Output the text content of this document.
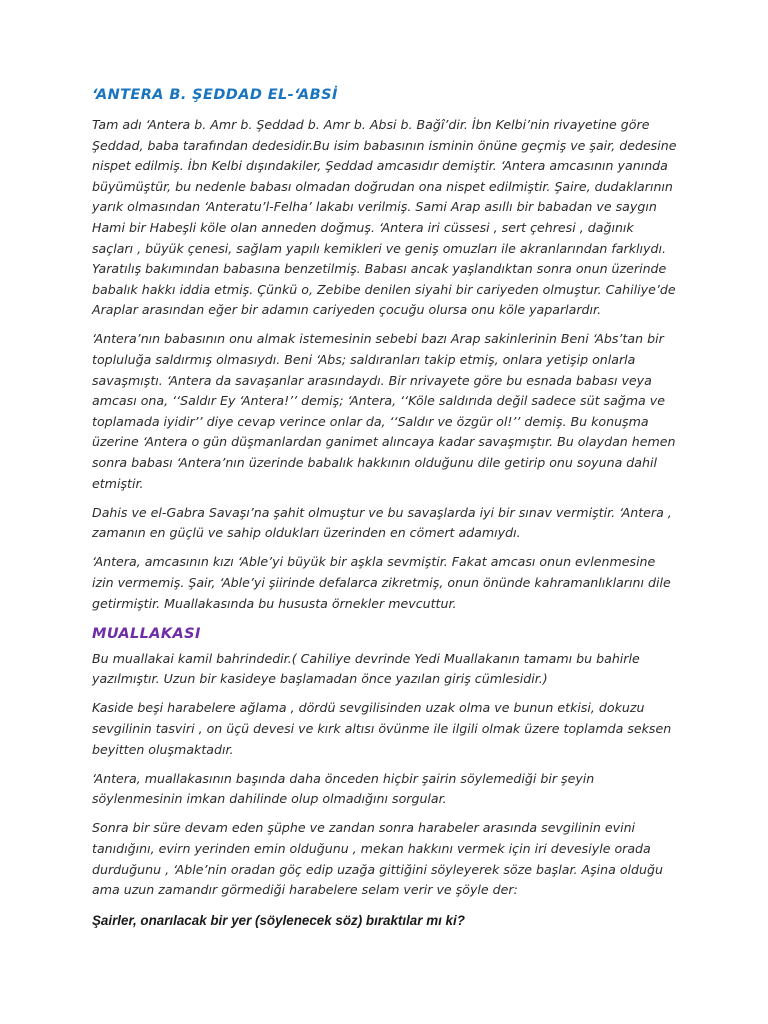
‘ANTERA B. ŞEDDAD EL-‘ABSİ

Tam adı ‘Antera b. Amr b. Şeddad b. Amr b. Absi b. Bağî’dir. İbn Kelbi’nin rivayetine göre Şeddad, baba tarafından dedesidir.Bu isim babasının isminin önüne geçmiş ve şair, dedesine nispet edilmiş. İbn Kelbi dışındakiler, Şeddad amcasıdır demiştir. ‘Antera amcasının yanında büyümüştür, bu nedenle babası olmadan doğrudan ona nispet edilmiştir. Şaire, dudaklarının yarık olmasından ‘Anteratu’l-Felha’ lakabı verilmiş. Sami Arap asıllı bir babadan ve saygın Hami bir Habeşli köle olan anneden doğmuş. ‘Antera iri cüssesi , sert çehresi , dağınık saçları , büyük çenesi, sağlam yapılı kemikleri ve geniş omuzları ile akranlarından farklıydı. Yaratılış bakımından babasına benzetilmiş. Babası ancak yaşlandıktan sonra onun üzerinde babalık hakkı iddia etmiş. Çünkü o, Zebibe denilen siyahi bir cariyeden olmuştur. Cahiliye’de Araplar arasından eğer bir adamın cariyeden çocuğu olursa onu köle yaparlardır.

‘Antera’nın babasının onu almak istemesinin sebebi bazı Arap sakinlerinin Beni ‘Abs’tan bir topluluğa saldırmış olmasıydı. Beni ‘Abs; saldıranları takip etmiş, onlara yetişip onlarla savaşmıştı. ‘Antera da savaşanlar arasındaydı. Bir nrivayete göre bu esnada babası veya amcası ona, ‘‘Saldır Ey ‘Antera!’’ demiş; ‘Antera, ‘‘Köle saldırıda değil sadece süt sağma ve toplamada iyidir’’ diye cevap verince onlar da, ‘‘Saldır ve özgür ol!’’ demiş. Bu konuşma üzerine ‘Antera o gün düşmanlardan ganimet alıncaya kadar savaşmıştır. Bu olaydan hemen sonra babası ‘Antera’nın üzerinde babalık hakkının olduğunu dile getirip onu soyuna dahil etmiştir.

Dahis ve el-Gabra Savaşı’na şahit olmuştur ve bu savaşlarda iyi bir sınav vermiştir. ‘Antera , zamanın en güçlü ve sahip oldukları üzerinden en cömert adamıydı.

‘Antera, amcasının kızı ‘Able’yi büyük bir aşkla sevmiştir. Fakat amcası onun evlenmesine izin vermemiş. Şair, ‘Able’yi şiirinde defalarca zikretmiş, onun önünde kahramanlıklarını dile getirmiştir. Muallakasında bu hususta örnekler mevcuttur.

MUALLAKASI

Bu muallakai kamil bahrindedir.( Cahiliye devrinde Yedi Muallakanın tamamı bu bahirle yazılmıştır. Uzun bir kasideye başlamadan önce yazılan giriş cümlesidir.)

Kaside beşi harabelere ağlama , dördü sevgilisinden uzak olma ve bunun etkisi, dokuzu sevgilinin tasviri , on üçü devesi ve kırk altısı övünme ile ilgili olmak üzere toplamda seksen beyitten oluşmaktadır.

‘Antera, muallakasının başında daha önceden hiçbir şairin söylemediği bir şeyin söylenmesinin imkan dahilinde olup olmadığını sorgular.

Sonra bir süre devam eden şüphe ve zandan sonra harabeler arasında sevgilinin evini tanıdığını, evirn yerinden emin olduğunu , mekan hakkını vermek için iri devesiyle orada durduğunu , ‘Able’nin oradan göç edip uzağa gittiğini söyleyerek söze başlar. Aşina olduğu ama uzun zamandır görmediği harabelere selam verir ve şöyle der:

Şairler, onarılacak bir yer (söylenecek söz) bıraktılar mı ki?
